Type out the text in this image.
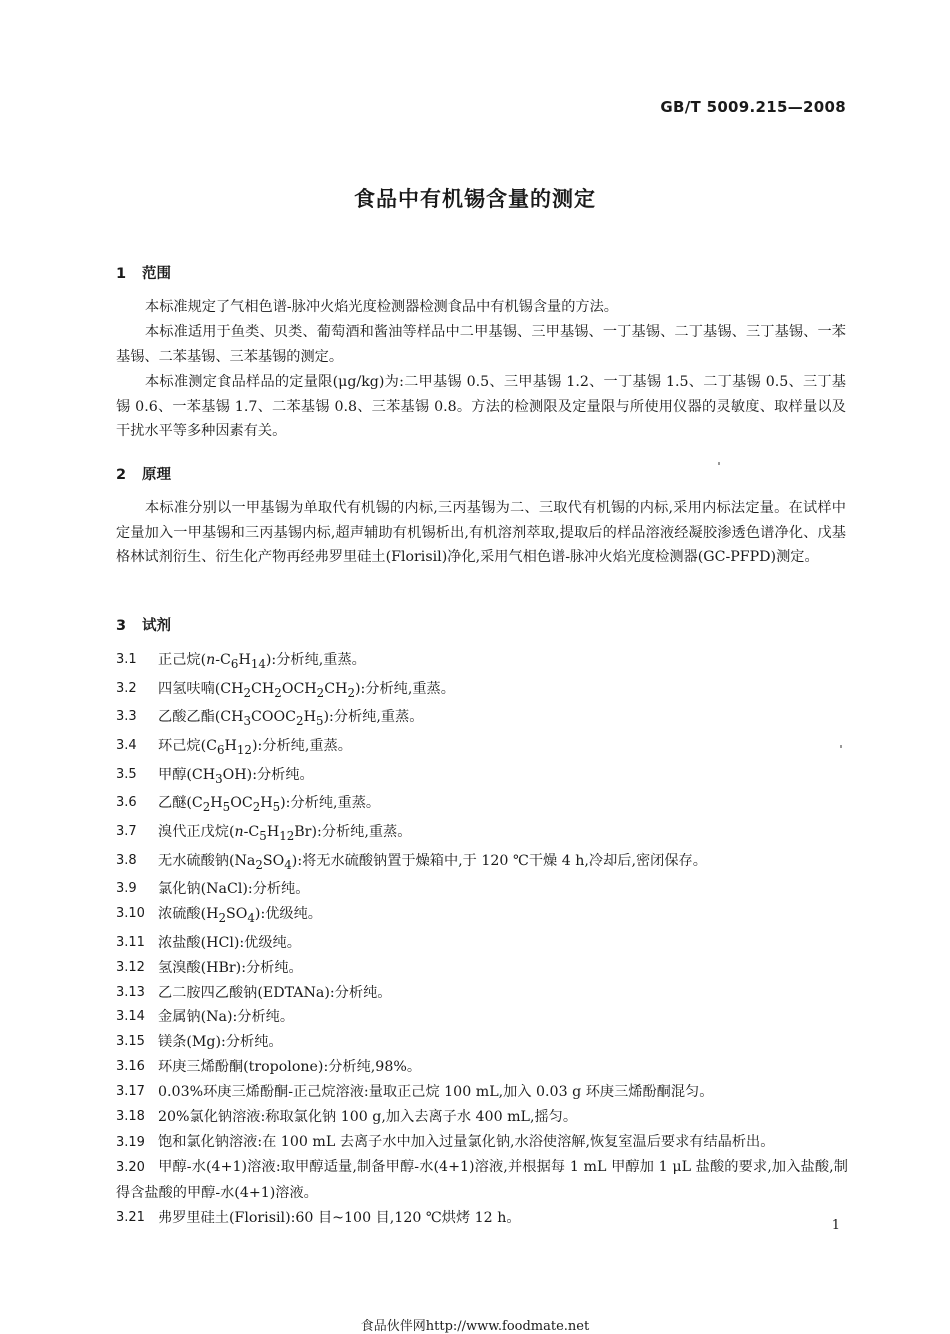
GB/T 5009.215—2008
食品中有机锡含量的测定
1 范围
本标准规定了气相色谱-脉冲火焰光度检测器检测食品中有机锡含量的方法。
本标准适用于鱼类、贝类、葡萄酒和酱油等样品中二甲基锡、三甲基锡、一丁基锡、二丁基锡、三丁基锡、一苯基锡、二苯基锡、三苯基锡的测定。
本标准测定食品样品的定量限(μg/kg)为:二甲基锡 0.5、三甲基锡 1.2、一丁基锡 1.5、二丁基锡 0.5、三丁基锡 0.6、一苯基锡 1.7、二苯基锡 0.8、三苯基锡 0.8。方法的检测限及定量限与所使用仪器的灵敏度、取样量以及干扰水平等多种因素有关。
2 原理
本标准分别以一甲基锡为单取代有机锡的内标,三丙基锡为二、三取代有机锡的内标,采用内标法定量。在试样中定量加入一甲基锡和三丙基锡内标,超声辅助有机锡析出,有机溶剂萃取,提取后的样品溶液经凝胶渗透色谱净化、戊基格林试剂衍生、衍生化产物再经弗罗里硅土(Florisil)净化,采用气相色谱-脉冲火焰光度检测器(GC-PFPD)测定。
3 试剂
3.1	正己烷$(n-C_6H_{14})$:分析纯,重蒸。
3.2	四氢呋喃$(CH_2CH_2OCH_2CH_2)$:分析纯,重蒸。
3.3	乙酸乙酯$(CH_3COOC_2H_5)$:分析纯,重蒸。
3.4	环己烷$(C_6H_{12})$:分析纯,重蒸。
3.5	甲醇$(CH_3OH)$:分析纯。
3.6	乙醚$(C_2H_5OC_2H_5)$:分析纯,重蒸。
3.7	溴代正戊烷$(n-C_5H_{12}Br)$:分析纯,重蒸。
3.8	无水硫酸钠$(Na_2SO_4)$:将无水硫酸钠置于燥箱中,于 120 ℃干燥 4 h,冷却后,密闭保存。
3.9	氯化钠(NaCl):分析纯。
3.10 浓硫酸$(H_2SO_4)$:优级纯。
3.11 浓盐酸(HCl):优级纯。
3.12 氢溴酸(HBr):分析纯。
3.13 乙二胺四乙酸钠(EDTANa):分析纯。
3.14 金属钠(Na):分析纯。
3.15 镁条(Mg):分析纯。
3.16 环庚三烯酚酮(tropolone):分析纯,98%。
3.17 0.03%环庚三烯酚酮-正己烷溶液:量取正己烷 100 mL,加入 0.03 g 环庚三烯酚酮混匀。
3.18 20%氯化钠溶液:称取氯化钠 100 g,加入去离子水 400 mL,摇匀。
3.19 饱和氯化钠溶液:在 100 mL 去离子水中加入过量氯化钠,水浴使溶解,恢复室温后要求有结晶析出。
3.20 甲醇-水(4+1)溶液:取甲醇适量,制备甲醇-水(4+1)溶液,并根据每 1 mL 甲醇加 1 μL 盐酸的要求,加入盐酸,制得含盐酸的甲醇-水(4+1)溶液。
3.21 弗罗里硅土(Florisil):60 目~100 目,120 ℃烘烤 12 h。	1
食品伙伴网http://www.foodmate.net
